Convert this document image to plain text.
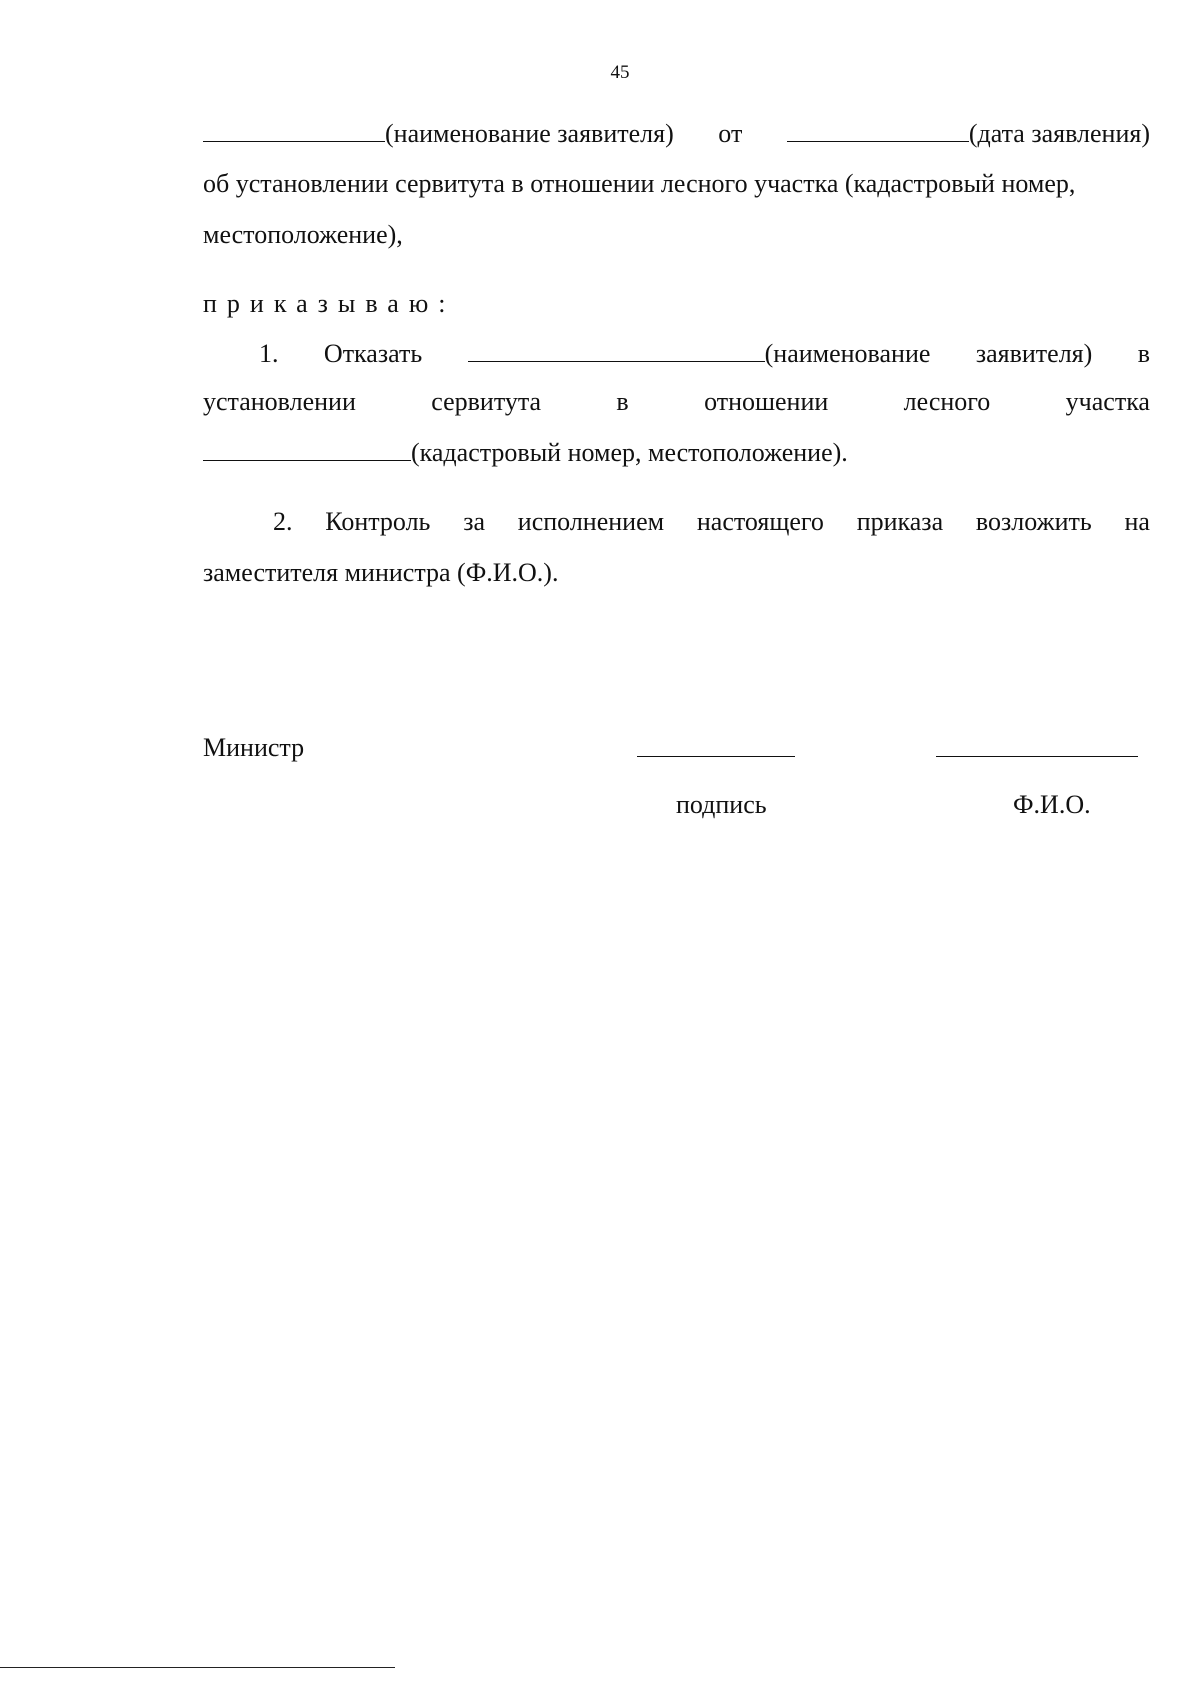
45
(наименование заявителя) от	(дата заявления)
об установлении сервитута в отношении лесного участка (кадастровый номер,
местоположение),
приказываю:
1. Отказать	(наименование заявителя) в
установлении	сервитута	в	отношении	лесного	участка
(кадастровый номер, местоположение).
2. Контроль за исполнением настоящего приказа возложить на
заместителя министра (Ф.И.О.).
Министр
подпись	Ф.И.О.
